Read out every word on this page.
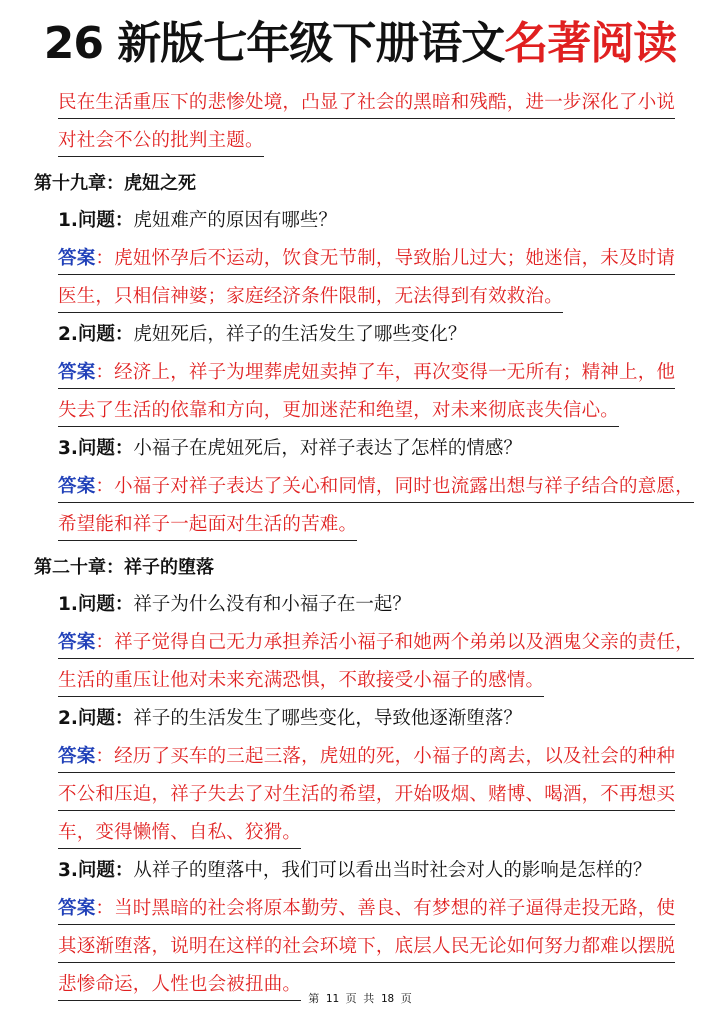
26 新版七年级下册语文名著阅读
民在生活重压下的悲惨处境，凸显了社会的黑暗和残酷，进一步深化了小说
对社会不公的批判主题。
第十九章：虎妞之死
1.问题：虎妞难产的原因有哪些？
答案：虎妞怀孕后不运动，饮食无节制，导致胎儿过大；她迷信，未及时请
医生，只相信神婆；家庭经济条件限制，无法得到有效救治。
2.问题：虎妞死后，祥子的生活发生了哪些变化？
答案：经济上，祥子为埋葬虎妞卖掉了车，再次变得一无所有；精神上，他
失去了生活的依靠和方向，更加迷茫和绝望，对未来彻底丧失信心。
3.问题：小福子在虎妞死后，对祥子表达了怎样的情感？
答案：小福子对祥子表达了关心和同情，同时也流露出想与祥子结合的意愿，
希望能和祥子一起面对生活的苦难。
第二十章：祥子的堕落
1.问题：祥子为什么没有和小福子在一起？
答案：祥子觉得自己无力承担养活小福子和她两个弟弟以及酒鬼父亲的责任，
生活的重压让他对未来充满恐惧，不敢接受小福子的感情。
2.问题：祥子的生活发生了哪些变化，导致他逐渐堕落？
答案：经历了买车的三起三落，虎妞的死，小福子的离去，以及社会的种种
不公和压迫，祥子失去了对生活的希望，开始吸烟、赌博、喝酒，不再想买
车，变得懒惰、自私、狡猾。
3.问题：从祥子的堕落中，我们可以看出当时社会对人的影响是怎样的？
答案：当时黑暗的社会将原本勤劳、善良、有梦想的祥子逼得走投无路，使
其逐渐堕落，说明在这样的社会环境下，底层人民无论如何努力都难以摆脱
悲惨命运，人性也会被扭曲。
第 11 页 共 18 页
